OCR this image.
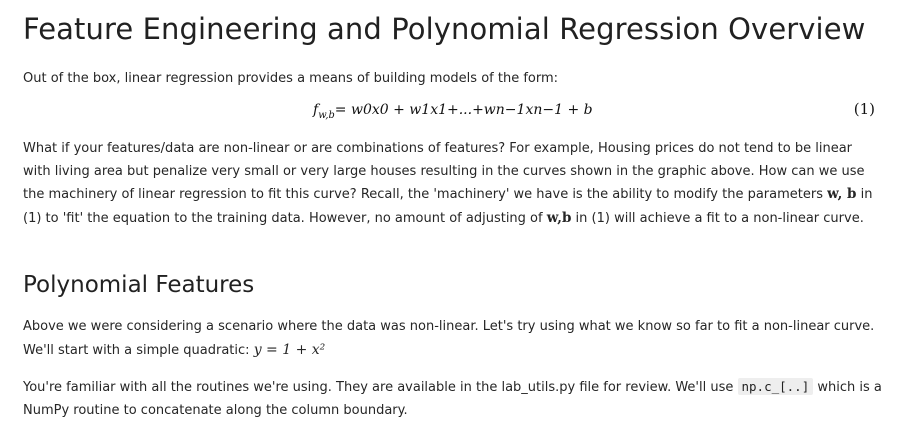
Feature Engineering and Polynomial Regression Overview

Out of the box, linear regression provides a means of building models of the form:

$f_{w,b}= w0x0 + w1x1+...+wn-1xn-1 + b$	(1)

What if your features/data are non-linear or are combinations of features? For example, Housing prices do not tend to be linear with living area but penalize very small or very large houses resulting in the curves shown in the graphic above. How can we use the machinery of linear regression to fit this curve? Recall, the 'machinery' we have is the ability to modify the parameters w, b in (1) to 'fit' the equation to the training data. However, no amount of adjusting of w,b in (1) will achieve a fit to a non-linear curve.

Polynomial Features

Above we were considering a scenario where the data was non-linear. Let's try using what we know so far to fit a non-linear curve. We'll start with a simple quadratic: y = 1 + x²

You're familiar with all the routines we're using. They are available in the lab_utils.py file for review. We'll use np.c_[..] which is a NumPy routine to concatenate along the column boundary.
